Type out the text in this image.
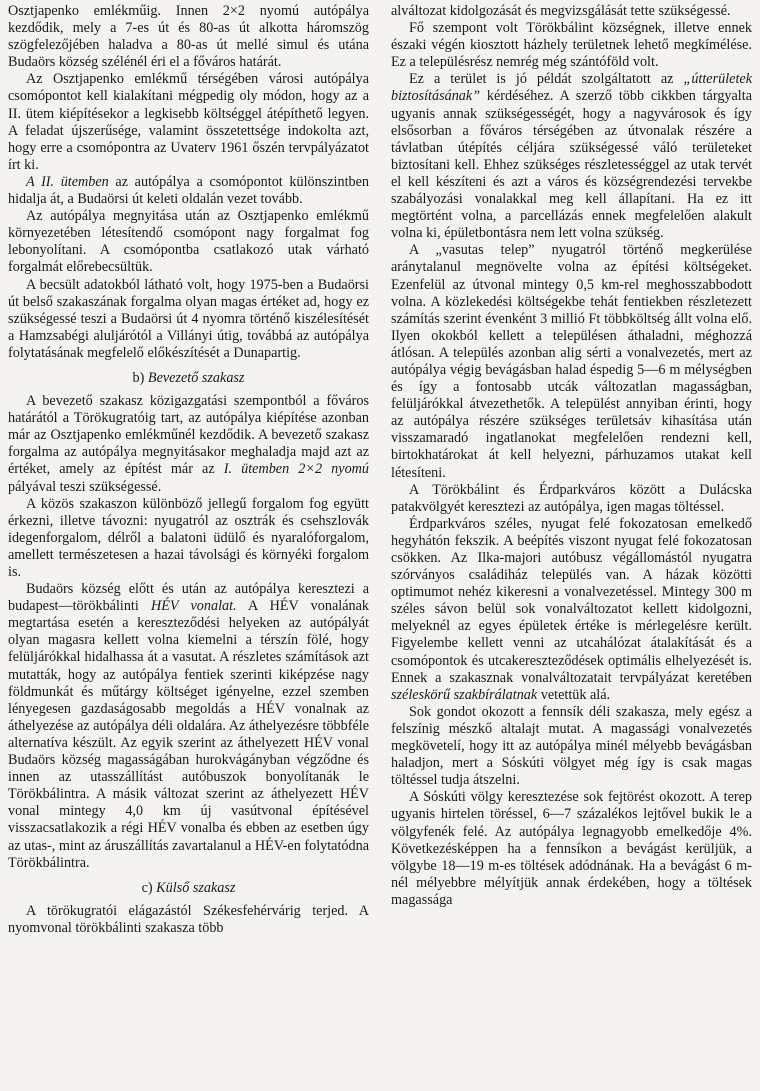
Osztjapenko emlékműig. Innen 2×2 nyomú autópálya kezdődik, mely a 7-es út és 80-as út alkotta háromszög szögfelezőjében haladva a 80-as út mellé simul és utána Budaörs község szélénél éri el a főváros határát.

Az Osztjapenko emlékmű térségében városi autópálya csomópontot kell kialakítani mégpedig oly módon, hogy az a II. ütem kiépítésekor a legkisebb költséggel átépíthető legyen. A feladat újszerűsége, valamint összetettsége indokolta azt, hogy erre a csomópontra az Uvaterv 1961 őszén tervpályázatot írt ki.

A II. ütemben az autópálya a csomópontot különszintben hidalja át, a Budaörsi út keleti oldalán vezet tovább.

Az autópálya megnyitása után az Osztjapenko emlékmű környezetében létesítendő csomópont nagy forgalmat fog lebonyolítani. A csomópontba csatlakozó utak várható forgalmát előrebecsültük.

A becsült adatokból látható volt, hogy 1975-ben a Budaörsi út belső szakaszának forgalma olyan magas értéket ad, hogy ez szükségessé teszi a Budaörsi út 4 nyomra történő kiszélesítését a Hamzsabégi aluljárótól a Villányi útig, továbbá az autópálya folytatásának megfelelő előkészítését a Dunapartig.

b) Bevezető szakasz

A bevezető szakasz közigazgatási szempontból a főváros határától a Törökugratóig tart, az autópálya kiépítése azonban már az Osztjapenko emlékműnél kezdődik. A bevezető szakasz forgalma az autópálya megnyitásakor meghaladja majd azt az értéket, amely az építést már az I. ütemben 2×2 nyomú pályával teszi szükségessé.

A közös szakaszon különböző jellegű forgalom fog együtt érkezni, illetve távozni: nyugatról az osztrák és csehszlovák idegenforgalom, délről a balatoni üdülő és nyaralóforgalom, amellett természetesen a hazai távolsági és környéki forgalom is.

Budaörs község előtt és után az autópálya keresztezi a budapest—törökbálinti HÉV vonalat. A HÉV vonalának megtartása esetén a kereszteződési helyeken az autópályát olyan magasra kellett volna kiemelni a térszín fölé, hogy felüljárókkal hidalhassa át a vasutat. A részletes számítások azt mutatták, hogy az autópálya fentiek szerinti kiképzése nagy földmunkát és műtárgy költséget igényelne, ezzel szemben lényegesen gazdaságosabb megoldás a HÉV vonalnak az áthelyezése az autópálya déli oldalára. Az áthelyezésre többféle alternatíva készült. Az egyik szerint az áthelyezett HÉV vonal Budaörs község magasságában hurokvágányban végződne és innen az utasszállítást autóbuszok bonyolítanák le Törökbálintra. A másik változat szerint az áthelyezett HÉV vonal mintegy 4,0 km új vasútvonal építésével visszacsatlakozik a régi HÉV vonalba és ebben az esetben úgy az utas-, mint az áruszállítás zavartalanul a HÉV-en folytatódna Törökbálintra.

c) Külső szakasz

A törökugratói elágazástól Székesfehérvárig terjed. A nyomvonal törökbálinti szakasza több

alváltozat kidolgozását és megvizsgálását tette szükségessé.

Fő szempont volt Törökbálint községnek, illetve ennek északi végén kiosztott házhely területnek lehető megkímélése. Ez a településrész nemrég még szántóföld volt.

Ez a terület is jó példát szolgáltatott az „útterületek biztosításának” kérdéséhez. A szerző több cikkben tárgyalta ugyanis annak szükségességét, hogy a nagyvárosok és így elsősorban a főváros térségében az útvonalak részére a távlatban útépítés céljára szükségessé váló területeket biztosítani kell. Ehhez szükséges részletességgel az utak tervét el kell készíteni és azt a város és községrendezési tervekbe szabályozási vonalakkal meg kell állapítani. Ha ez itt megtörtént volna, a parcellázás ennek megfelelően alakult volna ki, épületbontásra nem lett volna szükség.

A „vasutas telep” nyugatról történő megkerülése aránytalanul megnövelte volna az építési költségeket. Ezenfelül az útvonal mintegy 0,5 km-rel meghosszabbodott volna. A közlekedési költségekbe tehát fentiekben részletezett számítás szerint évenként 3 millió Ft többköltség állt volna elő. Ilyen okokból kellett a településen áthaladni, méghozzá átlósan. A település azonban alig sérti a vonalvezetés, mert az autópálya végig bevágásban halad éspedig 5—6 m mélységben és így a fontosabb utcák változatlan magasságban, felüljárókkal átvezethetők. A települést annyiban érinti, hogy az autópálya részére szükséges területsáv kihasítása után visszamaradó ingatlanokat megfelelően rendezni kell, birtokhatárokat át kell helyezni, párhuzamos utakat kell létesíteni.

A Törökbálint és Érdparkváros között a Dulácska patakvölgyét keresztezi az autópálya, igen magas töltéssel.

Érdparkváros széles, nyugat felé fokozatosan emelkedő hegyhátón fekszik. A beépítés viszont nyugat felé fokozatosan csökken. Az Ilka-majori autóbusz végállomástól nyugatra szórványos családiház település van. A házak közötti optimumot nehéz kikeresni a vonalvezetéssel. Mintegy 300 m széles sávon belül sok vonalváltozatot kellett kidolgozni, melyeknél az egyes épületek értéke is mérlegelésre került. Figyelembe kellett venni az utcahálózat átalakítását és a csomópontok és utcakereszteződések optimális elhelyezését is. Ennek a szakasznak vonalváltozatait tervpályázat keretében széleskörű szakbírálatnak vetettük alá.

Sok gondot okozott a fennsík déli szakasza, mely egész a felszínig mészkő altalajt mutat. A magassági vonalvezetés megkövetelí, hogy itt az autópálya minél mélyebb bevágásban haladjon, mert a Sóskúti völgyet még így is csak magas töltéssel tudja átszelni.

A Sóskúti völgy keresztezése sok fejtörést okozott. A terep ugyanis hirtelen töréssel, 6—7 százalékos lejtővel bukik le a völgyfenék felé. Az autópálya legnagyobb emelkedője 4%. Következésképpen ha a fennsíkon a bevágást kerüljük, a völgybe 18—19 m-es töltések adódnának. Ha a bevágást 6 m-nél mélyebbre mélyítjük annak érdekében, hogy a töltések magassága
